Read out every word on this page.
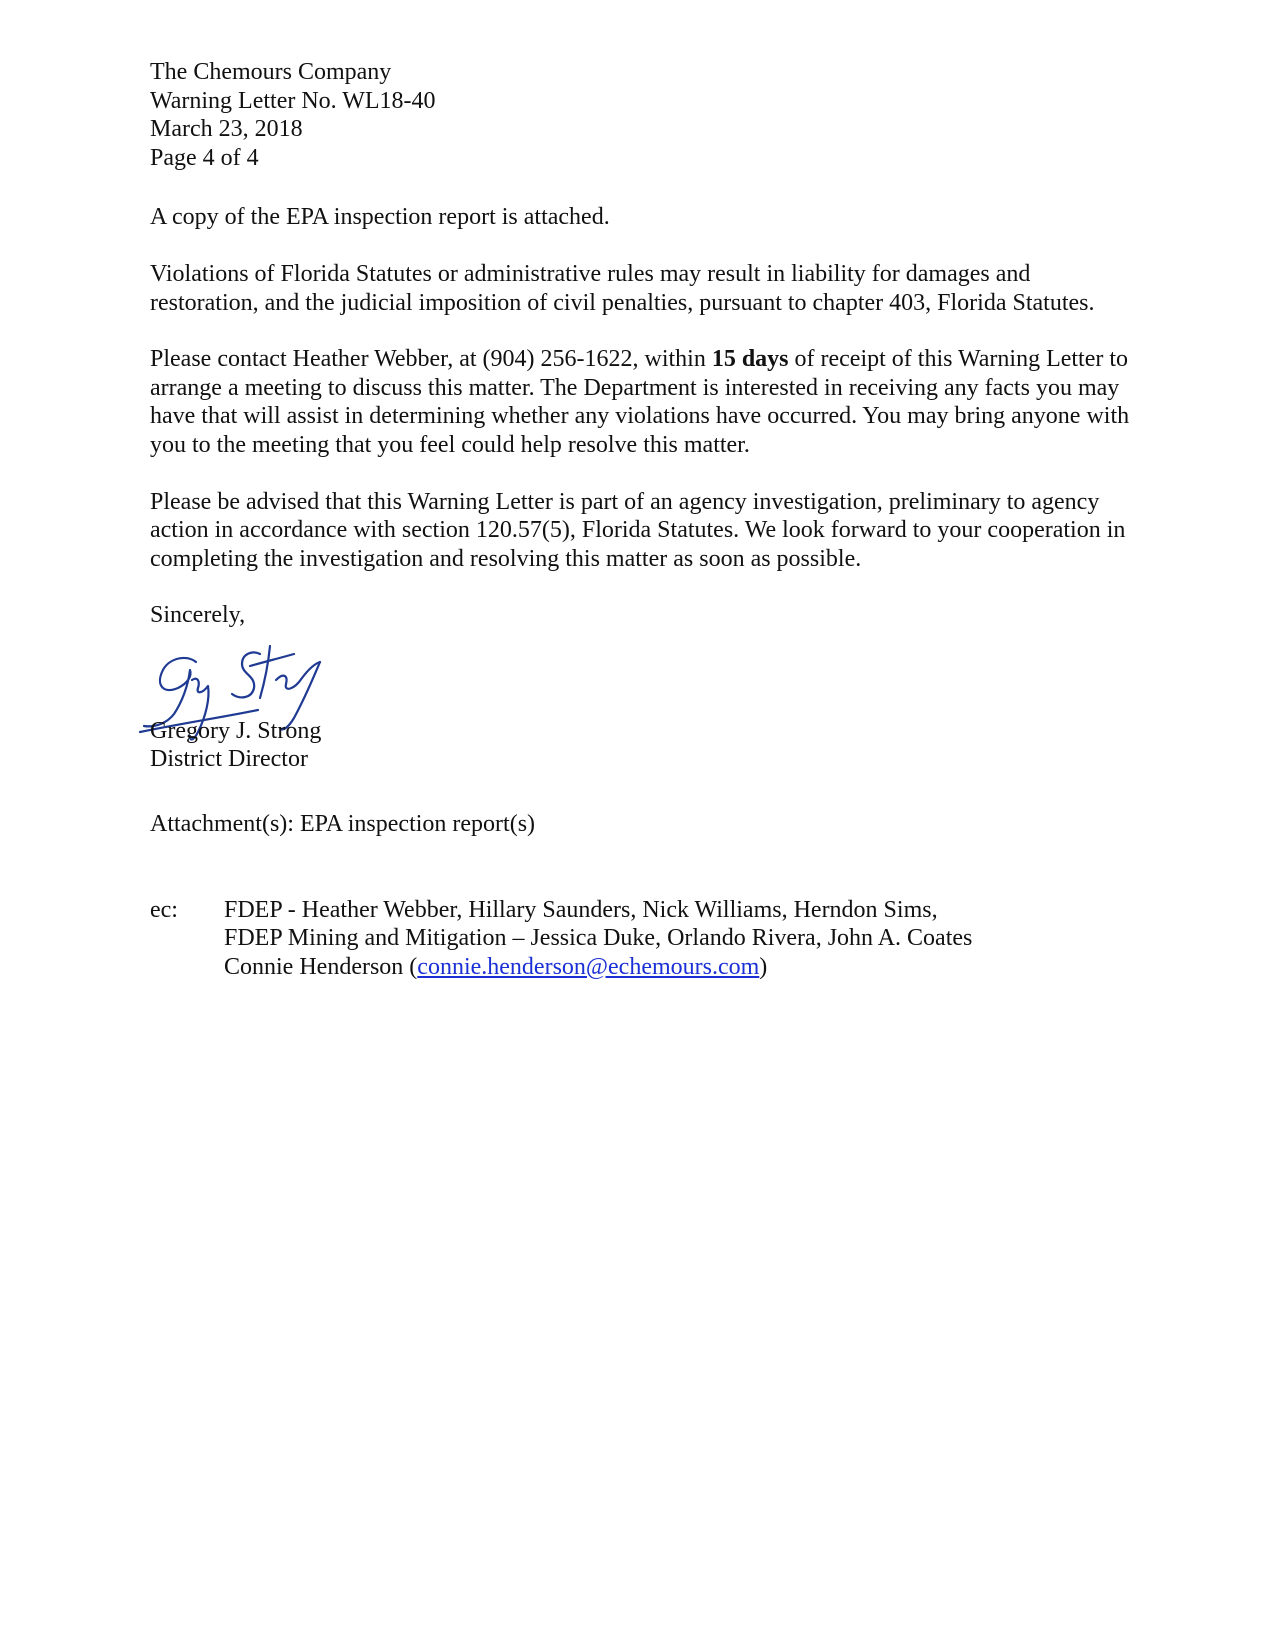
The Chemours Company
Warning Letter No. WL18-40
March 23, 2018
Page 4 of 4

A copy of the EPA inspection report is attached.

Violations of Florida Statutes or administrative rules may result in liability for damages and restoration, and the judicial imposition of civil penalties, pursuant to chapter 403, Florida Statutes.

Please contact Heather Webber, at (904) 256-1622, within 15 days of receipt of this Warning Letter to arrange a meeting to discuss this matter. The Department is interested in receiving any facts you may have that will assist in determining whether any violations have occurred. You may bring anyone with you to the meeting that you feel could help resolve this matter.

Please be advised that this Warning Letter is part of an agency investigation, preliminary to agency action in accordance with section 120.57(5), Florida Statutes. We look forward to your cooperation in completing the investigation and resolving this matter as soon as possible.

Sincerely,

Gregory J. Strong
District Director

Attachment(s): EPA inspection report(s)

ec: FDEP - Heather Webber, Hillary Saunders, Nick Williams, Herndon Sims,
FDEP Mining and Mitigation – Jessica Duke, Orlando Rivera, John A. Coates
Connie Henderson (connie.henderson@echemours.com)
